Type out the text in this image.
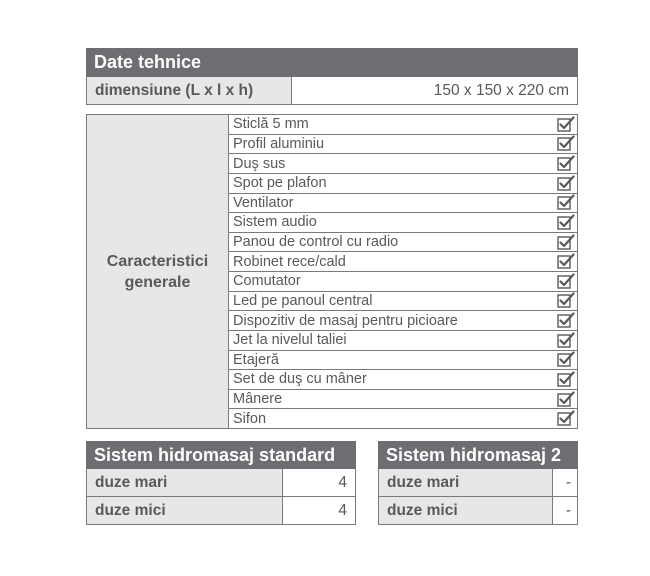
Date tehnice
dimensiune (L x l x h)	150 x 150 x 220 cm
Caracteristici
generale
Sticlă 5 mm
Profil aluminiu
Duş sus
Spot pe plafon
Ventilator
Sistem audio
Panou de control cu radio
Robinet rece/cald
Comutator
Led pe panoul central
Dispozitiv de masaj pentru picioare
Jet la nivelul taliei
Etajeră
Set de duş cu mâner
Mânere
Sifon
Sistem hidromasaj standard
duze mari	4
duze mici	4
Sistem hidromasaj 2
duze mari	-
duze mici	-
